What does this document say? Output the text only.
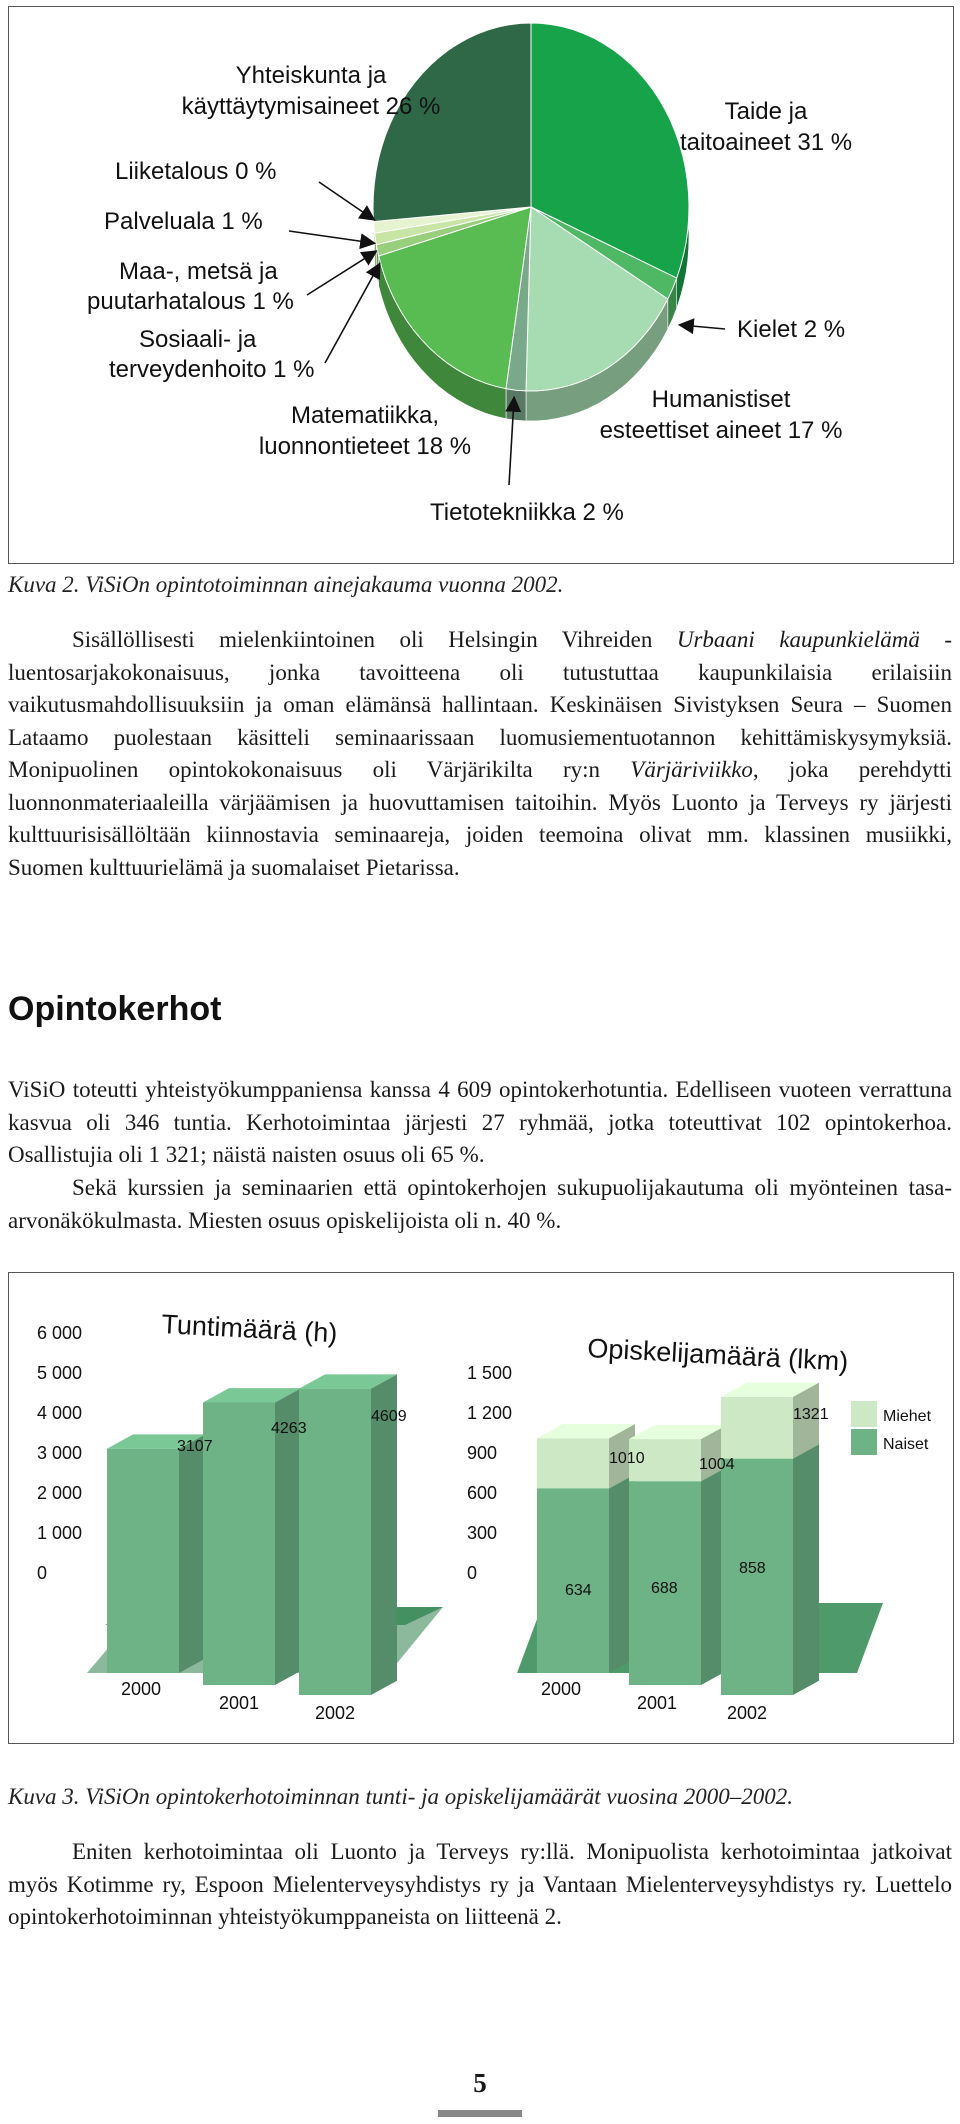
Yhteiskunta ja
käyttäytymisaineet 26 %
Liiketalous 0 %
Palveluala 1 %
Maa-, metsä ja
puutarhatalous 1 %
Sosiaali- ja
terveydenhoito 1 %
Matematiikka,
luonnontieteet 18 %
Taide ja
taitoaineet 31 %
Kielet 2 %
Humanistiset
esteettiset aineet 17 %
Tietotekniikka 2 %
Kuva 2. ViSiOn opintotoiminnan ainejakauma vuonna 2002.

Sisällöllisesti mielenkiintoinen oli Helsingin Vihreiden Urbaani kaupunkielämä -luentosarjakokonaisuus, jonka tavoitteena oli tutustuttaa kaupunkilaisia erilaisiin vaikutusmahdollisuuksiin ja oman elämänsä hallintaan. Keskinäisen Sivistyksen Seura – Suomen Lataamo puolestaan käsitteli seminaarissaan luomusiementuotannon kehittämiskysymyksiä. Monipuolinen opintokokonaisuus oli Värjärikilta ry:n Värjäriviikko, joka perehdytti luonnonmateriaaleilla värjäämisen ja huovuttamisen taitoihin. Myös Luonto ja Terveys ry järjesti kulttuurisisällöltään kiinnostavia seminaareja, joiden teemoina olivat mm. klassinen musiikki, Suomen kulttuurielämä ja suomalaiset Pietarissa.

Opintokerhot

ViSiO toteutti yhteistyökumppaniensa kanssa 4 609 opintokerhotuntia. Edelliseen vuoteen verrattuna kasvua oli 346 tuntia. Kerhotoimintaa järjesti 27 ryhmää, jotka toteuttivat 102 opintokerhoa. Osallistujia oli 1 321; näistä naisten osuus oli 65 %.

Sekä kurssien ja seminaarien että opintokerhojen sukupuolijakautuma oli myönteinen tasa-arvonäkökulmasta. Miesten osuus opiskelijoista oli n. 40 %.

Tuntimäärä (h)
Opiskelijamäärä (lkm)
0
1 000
2 000
3 000
4 000
5 000
6 000
0
300
600
900
1 200
1 500
2000
2001	2002
2000
2001	2002
3107
4263
4609
1010	1004
1321
634	688
858
Miehet
Naiset
Kuva 3. ViSiOn opintokerhotoiminnan tunti- ja opiskelijamäärät vuosina 2000–2002.

Eniten kerhotoimintaa oli Luonto ja Terveys ry:llä. Monipuolista kerhotoimintaa jatkoivat myös Kotimme ry, Espoon Mielenterveysyhdistys ry ja Vantaan Mielenterveysyhdistys ry. Luettelo opintokerhotoiminnan yhteistyökumppaneista on liitteenä 2.

5
